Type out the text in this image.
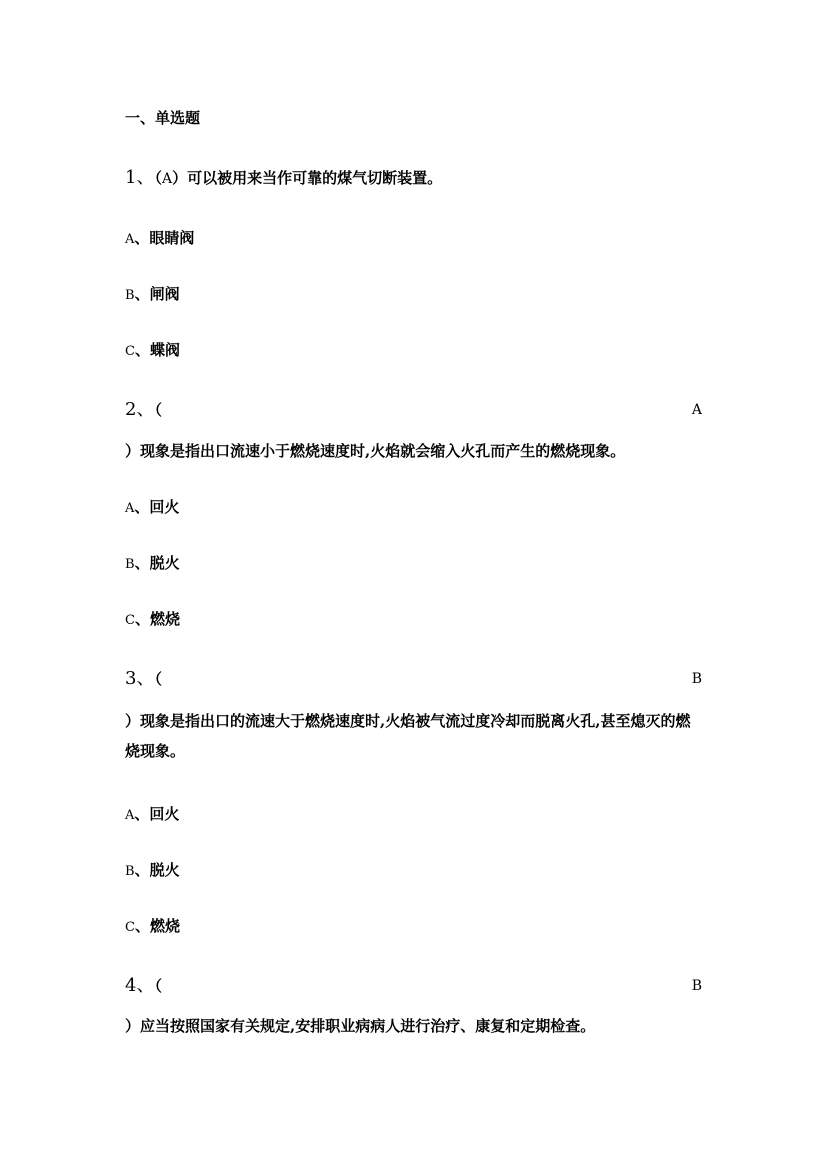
一、单选题
1、（A）可以被用来当作可靠的煤气切断装置。
A、眼睛阀
B、闸阀
C、蝶阀
2、（	A
）现象是指出口流速小于燃烧速度时,火焰就会缩入火孔而产生的燃烧现象。
A、回火
B、脱火
C、燃烧
3、（	B
）现象是指出口的流速大于燃烧速度时,火焰被气流过度冷却而脱离火孔,甚至熄灭的燃烧现象。
A、回火
B、脱火
C、燃烧
4、（	B
）应当按照国家有关规定,安排职业病病人进行治疗、康复和定期检查。
